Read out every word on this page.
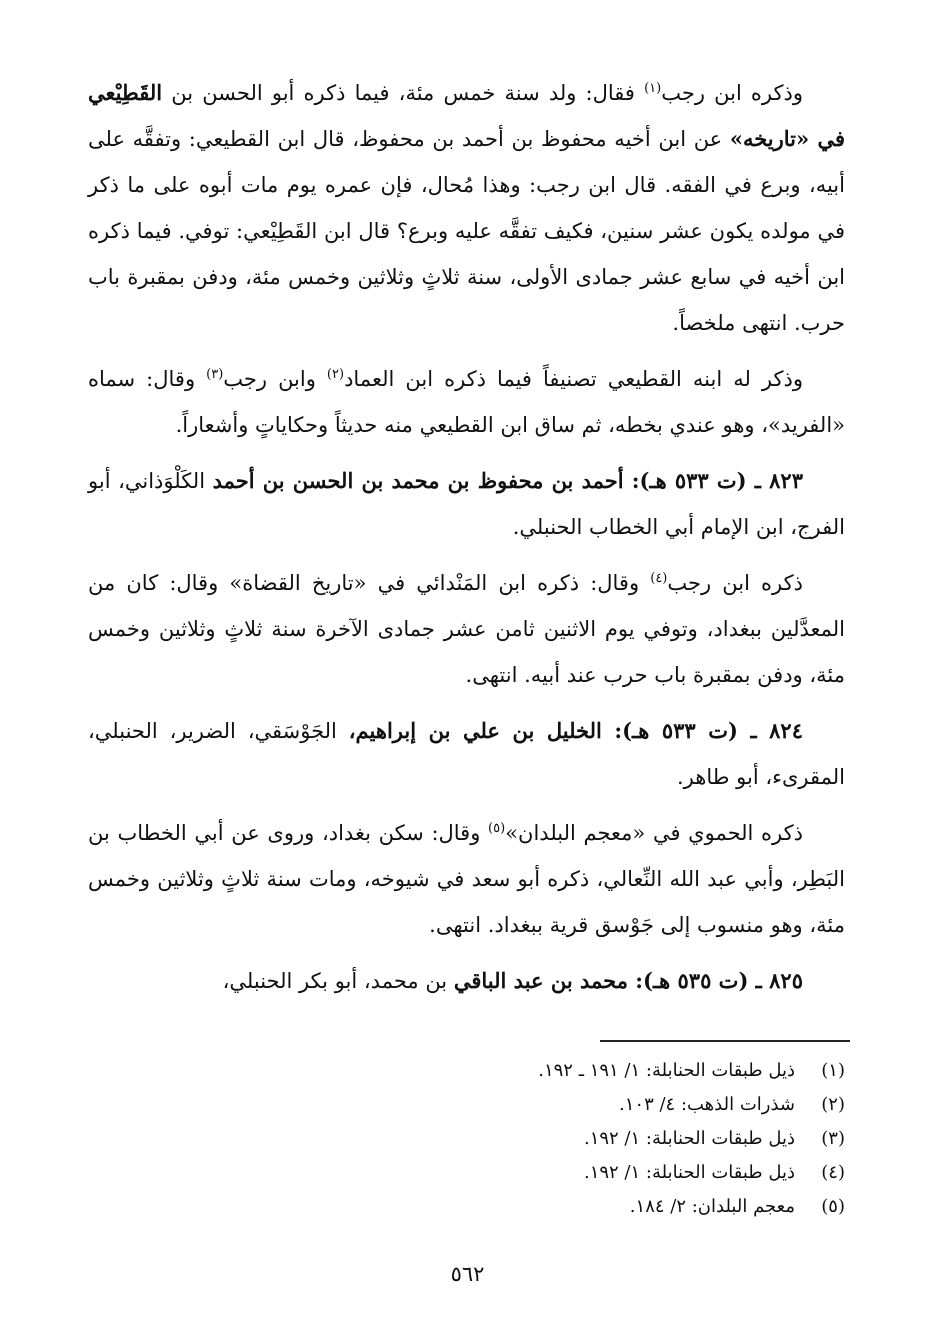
وذكره ابن رجب$^{(١)}$ فقال: ولد سنة خمس مئة، فيما ذكره أبو الحسن بن القَطِيْعي في «تاريخه» عن ابن أخيه محفوظ بن أحمد بن محفوظ، قال ابن القطيعي: وتفقَّه على أبيه، وبرع في الفقه. قال ابن رجب: وهذا مُحال، فإن عمره يوم مات أبوه على ما ذكر في مولده يكون عشر سنين، فكيف تفقَّه عليه وبرع؟ قال ابن القَطِيْعي: توفي. فيما ذكره ابن أخيه في سابع عشر جمادى الأولى، سنة ثلاثٍ وثلاثين وخمس مئة، ودفن بمقبرة باب حرب. انتهى ملخصاً.

وذكر له ابنه القطيعي تصنيفاً فيما ذكره ابن العماد$^{(٢)}$ وابن رجب$^{(٣)}$ وقال: سماه «الفريد»، وهو عندي بخطه، ثم ساق ابن القطيعي منه حديثاً وحكاياتٍ وأشعاراً.

٨٢٣ ـ (ت ٥٣٣ هـ): أحمد بن محفوظ بن محمد بن الحسن بن أحمد الكَلْوَذاني، أبو الفرج، ابن الإمام أبي الخطاب الحنبلي.

ذكره ابن رجب$^{(٤)}$ وقال: ذكره ابن المَنْدائي في «تاريخ القضاة» وقال: كان من المعدَّلين ببغداد، وتوفي يوم الاثنين ثامن عشر جمادى الآخرة سنة ثلاثٍ وثلاثين وخمس مئة، ودفن بمقبرة باب حرب عند أبيه. انتهى.

٨٢٤ ـ (ت ٥٣٣ هـ): الخليل بن علي بن إبراهيم، الجَوْسَقي، الضرير، الحنبلي، المقرىء، أبو طاهر.

ذكره الحموي في «معجم البلدان»$^{(٥)}$ وقال: سكن بغداد، وروى عن أبي الخطاب بن البَطِر، وأبي عبد الله النِّعالي، ذكره أبو سعد في شيوخه، ومات سنة ثلاثٍ وثلاثين وخمس مئة، وهو منسوب إلى جَوْسق قرية ببغداد. انتهى.

٨٢٥ ـ (ت ٥٣٥ هـ): محمد بن عبد الباقي بن محمد، أبو بكر الحنبلي،

(١)ذيل طبقات الحنابلة: ١/ ١٩١ ـ ١٩٢.
(٢)شذرات الذهب: ٤/ ١٠٣.
(٣)ذيل طبقات الحنابلة: ١/ ١٩٢.
(٤)ذيل طبقات الحنابلة: ١/ ١٩٢.
(٥)معجم البلدان: ٢/ ١٨٤.
٥٦٢
